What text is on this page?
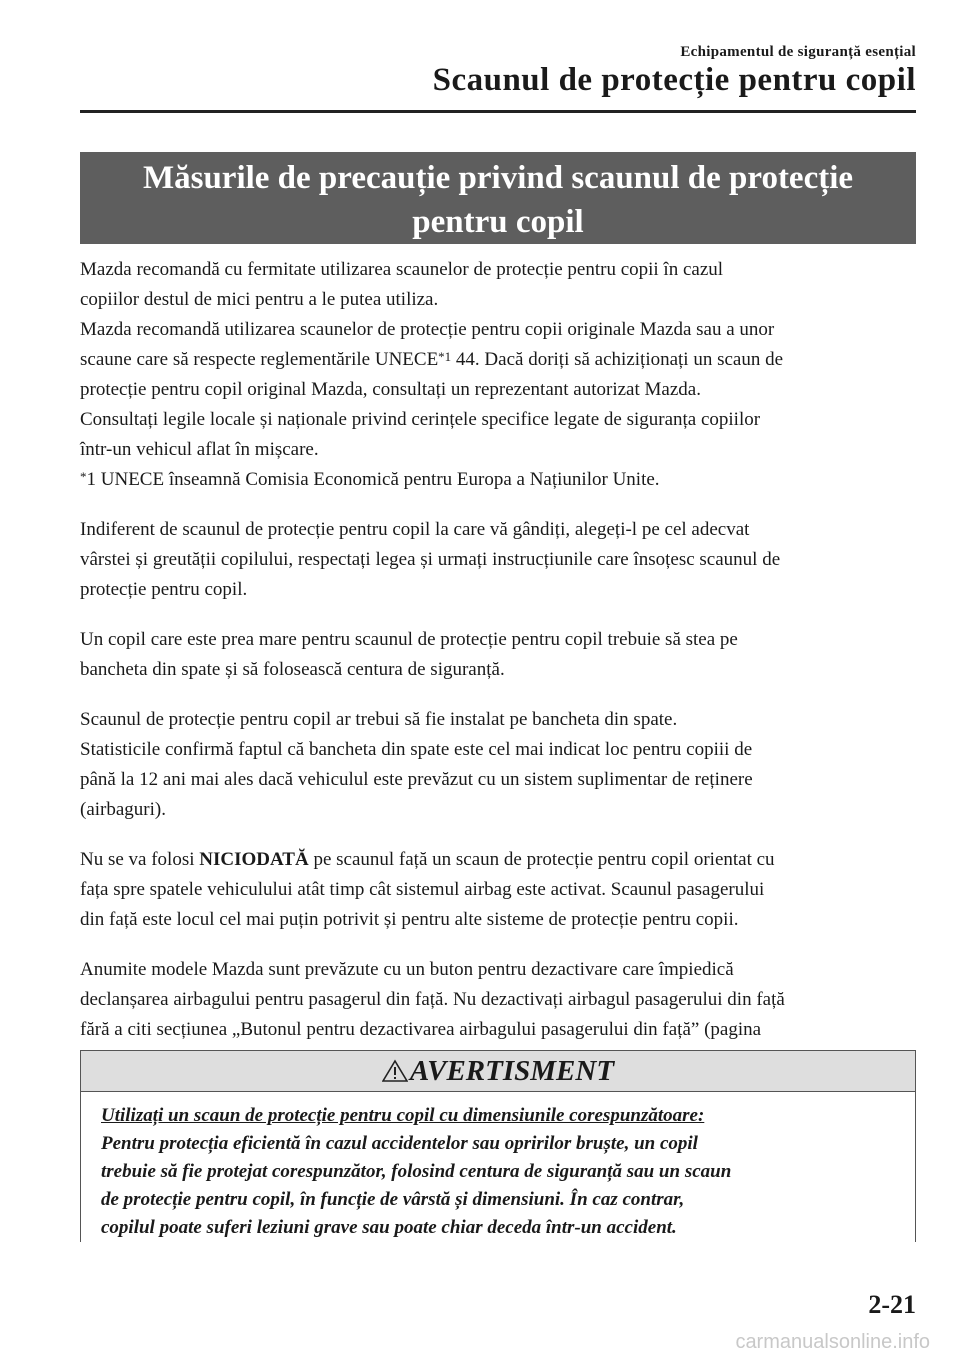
Echipamentul de siguranță esențial
Scaunul de protecție pentru copil
Măsurile de precauție privind scaunul de protecție
pentru copil

Mazda recomandă cu fermitate utilizarea scaunelor de protecție pentru copii în cazul

copiilor destul de mici pentru a le putea utiliza.

Mazda recomandă utilizarea scaunelor de protecție pentru copii originale Mazda sau a unor

scaune care să respecte reglementările UNECE$^{*1}$ 44. Dacă doriți să achiziționați un scaun de

protecție pentru copil original Mazda, consultați un reprezentant autorizat Mazda.

Consultați legile locale și naționale privind cerințele specifice legate de siguranța copiilor

într-un vehicul aflat în mișcare.

*1 UNECE înseamnă Comisia Economică pentru Europa a Națiunilor Unite.

Indiferent de scaunul de protecție pentru copil la care vă gândiți, alegeți-l pe cel adecvat

vârstei și greutății copilului, respectați legea și urmați instrucțiunile care însoțesc scaunul de

protecție pentru copil.

Un copil care este prea mare pentru scaunul de protecție pentru copil trebuie să stea pe

bancheta din spate și să folosească centura de siguranță.

Scaunul de protecție pentru copil ar trebui să fie instalat pe bancheta din spate.

Statisticile confirmă faptul că bancheta din spate este cel mai indicat loc pentru copiii de

până la 12 ani mai ales dacă vehiculul este prevăzut cu un sistem suplimentar de reținere

(airbaguri).

Nu se va folosi NICIODATĂ pe scaunul față un scaun de protecție pentru copil orientat cu

fața spre spatele vehiculului atât timp cât sistemul airbag este activat. Scaunul pasagerului

din față este locul cel mai puțin potrivit și pentru alte sisteme de protecție pentru copii.

Anumite modele Mazda sunt prevăzute cu un buton pentru dezactivare care împiedică

declanșarea airbagului pentru pasagerul din față. Nu dezactivați airbagul pasagerului din față

fără a citi secțiunea „Butonul pentru dezactivarea airbagului pasagerului din față” (pagina

AVERTISMENT
Utilizați un scaun de protecție pentru copil cu dimensiunile corespunzătoare:
Pentru protecția eficientă în cazul accidentelor sau opririlor bruște, un copil
trebuie să fie protejat corespunzător, folosind centura de siguranță sau un scaun
de protecție pentru copil, în funcție de vârstă și dimensiuni. În caz contrar,
copilul poate suferi leziuni grave sau poate chiar deceda într-un accident.
2-21
carmanualsonline.info
